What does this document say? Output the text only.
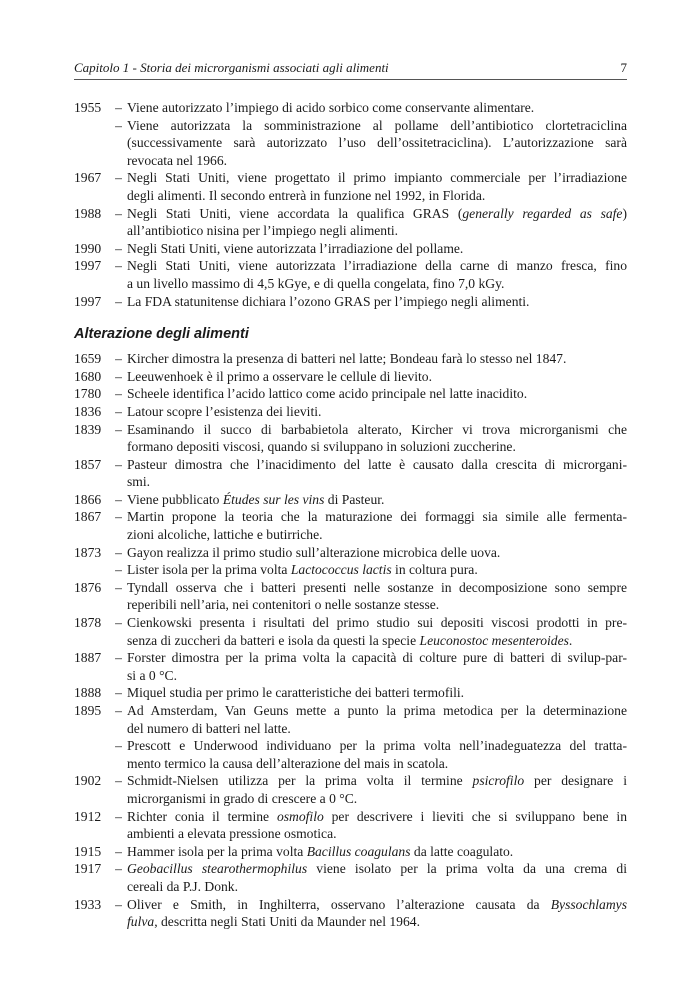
Capitolo 1 - Storia dei microrganismi associati agli alimenti	7
1955	– Viene autorizzato l’impiego di acido sorbico come conservante alimentare.
– Viene autorizzata la somministrazione al pollame dell’antibiotico clortetraciclina
(successivamente sarà autorizzato l’uso dell’ossitetraciclina). L’autorizzazione sarà
revocata nel 1966.
1967	– Negli Stati Uniti, viene progettato il primo impianto commerciale per l’irradiazione
degli alimenti. Il secondo entrerà in funzione nel 1992, in Florida.
1988	– Negli Stati Uniti, viene accordata la qualifica GRAS (generally regarded as safe)
all’antibiotico nisina per l’impiego negli alimenti.
1990	– Negli Stati Uniti, viene autorizzata l’irradiazione del pollame.
1997	– Negli Stati Uniti, viene autorizzata l’irradiazione della carne di manzo fresca, fino
a un livello massimo di 4,5 kGye, e di quella congelata, fino 7,0 kGy.
1997	– La FDA statunitense dichiara l’ozono GRAS per l’impiego negli alimenti.
Alterazione degli alimenti
1659	– Kircher dimostra la presenza di batteri nel latte; Bondeau farà lo stesso nel 1847.
1680	– Leeuwenhoek è il primo a osservare le cellule di lievito.
1780	– Scheele identifica l’acido lattico come acido principale nel latte inacidito.
1836	– Latour scopre l’esistenza dei lieviti.
1839	– Esaminando il succo di barbabietola alterato, Kircher vi trova microrganismi che
formano depositi viscosi, quando si sviluppano in soluzioni zuccherine.
1857	– Pasteur dimostra che l’inacidimento del latte è causato dalla crescita di microrgani-
smi.
1866	– Viene pubblicato Études sur les vins di Pasteur.
1867	– Martin propone la teoria che la maturazione dei formaggi sia simile alle fermenta-
zioni alcoliche, lattiche e butirriche.
1873	– Gayon realizza il primo studio sull’alterazione microbica delle uova.
– Lister isola per la prima volta Lactococcus lactis in coltura pura.
1876	– Tyndall osserva che i batteri presenti nelle sostanze in decomposizione sono sempre
reperibili nell’aria, nei contenitori o nelle sostanze stesse.
1878	– Cienkowski presenta i risultati del primo studio sui depositi viscosi prodotti in pre-
senza di zuccheri da batteri e isola da questi la specie Leuconostoc mesenteroides.
1887	– Forster dimostra per la prima volta la capacità di colture pure di batteri di svilup-par-
si a 0 °C.
1888	– Miquel studia per primo le caratteristiche dei batteri termofili.
1895	– Ad Amsterdam, Van Geuns mette a punto la prima metodica per la determinazione
del numero di batteri nel latte.
– Prescott e Underwood individuano per la prima volta nell’inadeguatezza del tratta-
mento termico la causa dell’alterazione del mais in scatola.
1902	– Schmidt-Nielsen utilizza per la prima volta il termine psicrofilo per designare i
microrganismi in grado di crescere a 0 °C.
1912	– Richter conia il termine osmofilo per descrivere i lieviti che si sviluppano bene in
ambienti a elevata pressione osmotica.
1915	– Hammer isola per la prima volta Bacillus coagulans da latte coagulato.
1917	– Geobacillus stearothermophilus viene isolato per la prima volta da una crema di
cereali da P.J. Donk.
1933	– Oliver e Smith, in Inghilterra, osservano l’alterazione causata da Byssochlamys
fulva, descritta negli Stati Uniti da Maunder nel 1964.
